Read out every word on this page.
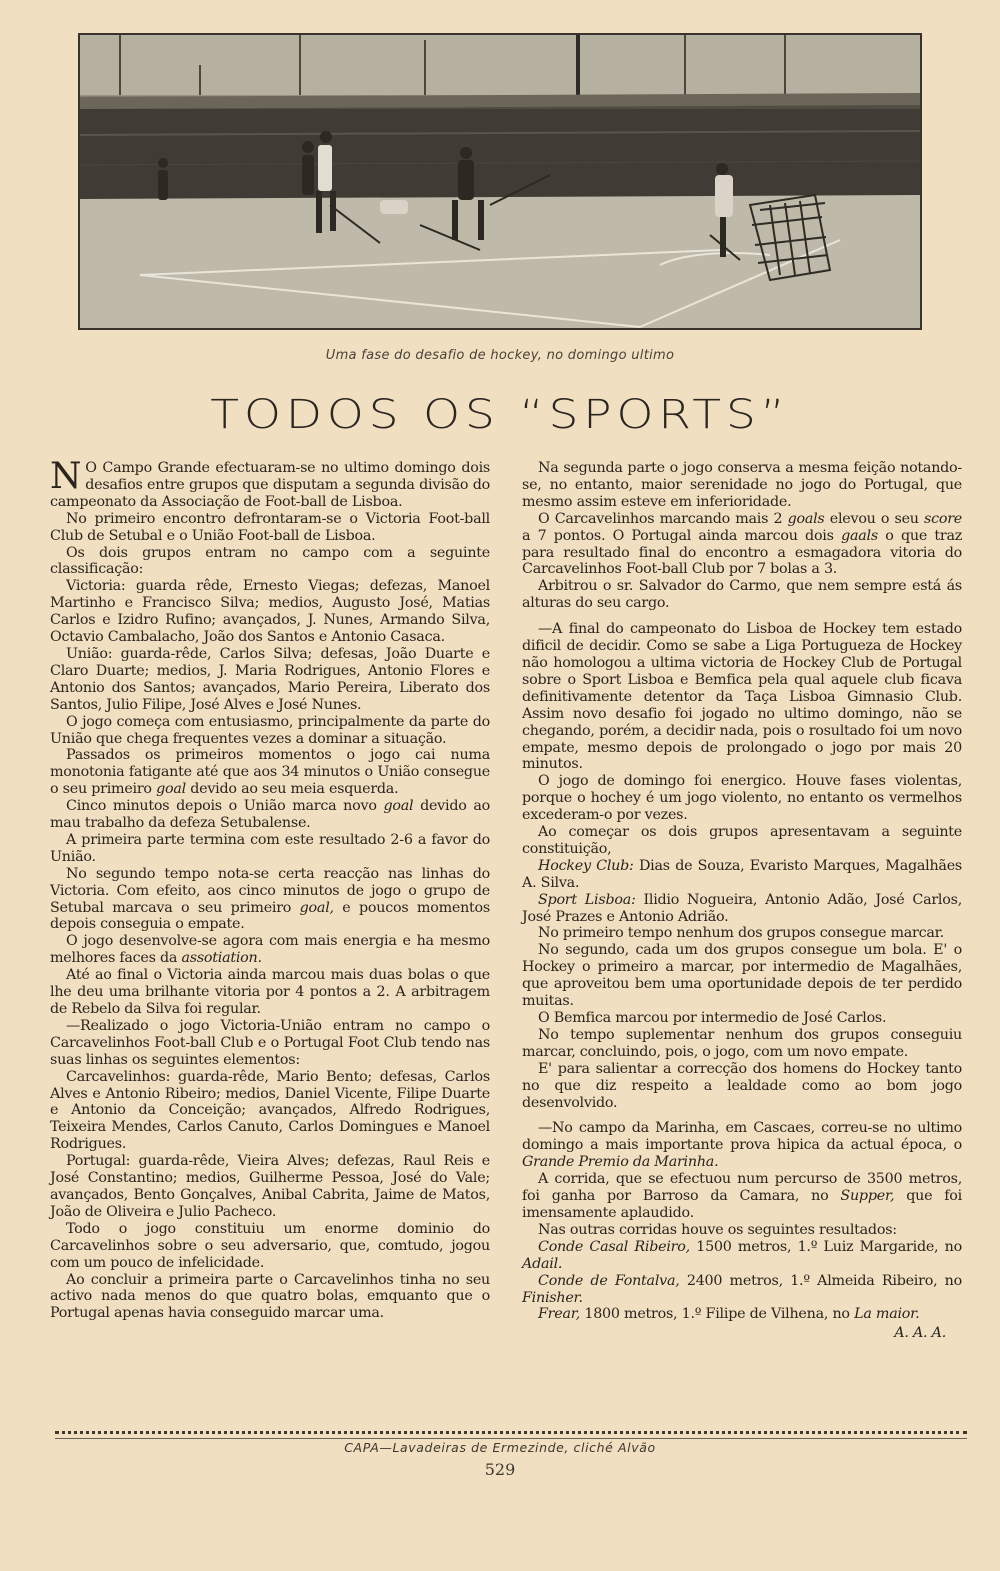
Uma fase do desafio de hockey, no domingo ultimo
TODOS OS “SPORTS”

N O Campo Grande efectuaram-se no ultimo domingo dois desafios entre grupos que disputam a segunda divisão do campeonato da Associação de Foot-ball de Lisboa.

No primeiro encontro defrontaram-se o Victoria Foot-ball Club de Setubal e o União Foot-ball de Lisboa.

Os dois grupos entram no campo com a seguinte classificação:

Victoria: guarda rêde, Ernesto Viegas; defezas, Manoel Martinho e Francisco Silva; medios, Augusto José, Matias Carlos e Izidro Rufino; avançados, J. Nunes, Armando Silva, Octavio Cambalacho, João dos Santos e Antonio Casaca.

União: guarda-rêde, Carlos Silva; defesas, João Duarte e Claro Duarte; medios, J. Maria Rodrigues, Antonio Flores e Antonio dos Santos; avançados, Mario Pereira, Liberato dos Santos, Julio Filipe, José Alves e José Nunes.

O jogo começa com entusiasmo, principalmente da parte do União que chega frequentes vezes a dominar a situação.

Passados os primeiros momentos o jogo cai numa monotonia fatigante até que aos 34 minutos o União consegue o seu primeiro goal devido ao seu meia esquerda.

Cinco minutos depois o União marca novo goal devido ao mau trabalho da defeza Setubalense.

A primeira parte termina com este resultado 2-6 a favor do União.

No segundo tempo nota-se certa reacção nas linhas do Victoria. Com efeito, aos cinco minutos de jogo o grupo de Setubal marcava o seu primeiro goal, e poucos momentos depois conseguia o empate.

O jogo desenvolve-se agora com mais energia e ha mesmo melhores faces da assotiation.

Até ao final o Victoria ainda marcou mais duas bolas o que lhe deu uma brilhante vitoria por 4 pontos a 2. A arbitragem de Rebelo da Silva foi regular.

—Realizado o jogo Victoria-União entram no campo o Carcavelinhos Foot-ball Club e o Portugal Foot Club tendo nas suas linhas os seguintes elementos:

Carcavelinhos: guarda-rêde, Mario Bento; defesas, Carlos Alves e Antonio Ribeiro; medios, Daniel Vicente, Filipe Duarte e Antonio da Conceição; avançados, Alfredo Rodrigues, Teixeira Mendes, Carlos Canuto, Carlos Domingues e Manoel Rodrigues.

Portugal: guarda-rêde, Vieira Alves; defezas, Raul Reis e José Constantino; medios, Guilherme Pessoa, José do Vale; avançados, Bento Gonçalves, Anibal Cabrita, Jaime de Matos, João de Oliveira e Julio Pacheco.

Todo o jogo constituiu um enorme dominio do Carcavelinhos sobre o seu adversario, que, comtudo, jogou com um pouco de infelicidade.

Ao concluir a primeira parte o Carcavelinhos tinha no seu activo nada menos do que quatro bolas, emquanto que o Portugal apenas havia conseguido marcar uma.

Na segunda parte o jogo conserva a mesma feição notando-se, no entanto, maior serenidade no jogo do Portugal, que mesmo assim esteve em inferioridade.

O Carcavelinhos marcando mais 2 goals elevou o seu score a 7 pontos. O Portugal ainda marcou dois gaals o que traz para resultado final do encontro a esmagadora vitoria do Carcavelinhos Foot-ball Club por 7 bolas a 3.

Arbitrou o sr. Salvador do Carmo, que nem sempre está ás alturas do seu cargo.

—A final do campeonato do Lisboa de Hockey tem estado dificil de decidir. Como se sabe a Liga Portugueza de Hockey não homologou a ultima victoria de Hockey Club de Portugal sobre o Sport Lisboa e Bemfica pela qual aquele club ficava definitivamente detentor da Taça Lisboa Gimnasio Club. Assim novo desafio foi jogado no ultimo domingo, não se chegando, porém, a decidir nada, pois o rosultado foi um novo empate, mesmo depois de prolongado o jogo por mais 20 minutos.

O jogo de domingo foi energico. Houve fases violentas, porque o hochey é um jogo violento, no entanto os vermelhos excederam-o por vezes.

Ao começar os dois grupos apresentavam a seguinte constituição,

Hockey Club: Dias de Souza, Evaristo Marques, Magalhães A. Silva.

Sport Lisboa: Ilidio Nogueira, Antonio Adão, José Carlos, José Prazes e Antonio Adrião.

No primeiro tempo nenhum dos grupos consegue marcar.

No segundo, cada um dos grupos consegue um bola. E' o Hockey o primeiro a marcar, por intermedio de Magalhães, que aproveitou bem uma oportunidade depois de ter perdido muitas.

O Bemfica marcou por intermedio de José Carlos.

No tempo suplementar nenhum dos grupos conseguiu marcar, concluindo, pois, o jogo, com um novo empate.

E' para salientar a correcção dos homens do Hockey tanto no que diz respeito a lealdade como ao bom jogo desenvolvido.

—No campo da Marinha, em Cascaes, correu-se no ultimo domingo a mais importante prova hipica da actual época, o Grande Premio da Marinha.

A corrida, que se efectuou num percurso de 3500 metros, foi ganha por Barroso da Camara, no Supper, que foi imensamente aplaudido.

Nas outras corridas houve os seguintes resultados:

Conde Casal Ribeiro, 1500 metros, 1.º Luiz Margaride, no Adail.

Conde de Fontalva, 2400 metros, 1.º Almeida Ribeiro, no Finisher.

Frear, 1800 metros, 1.º Filipe de Vilhena, no La maior.

A. A. A.
CAPA—Lavadeiras de Ermezinde, cliché Alvão
529
